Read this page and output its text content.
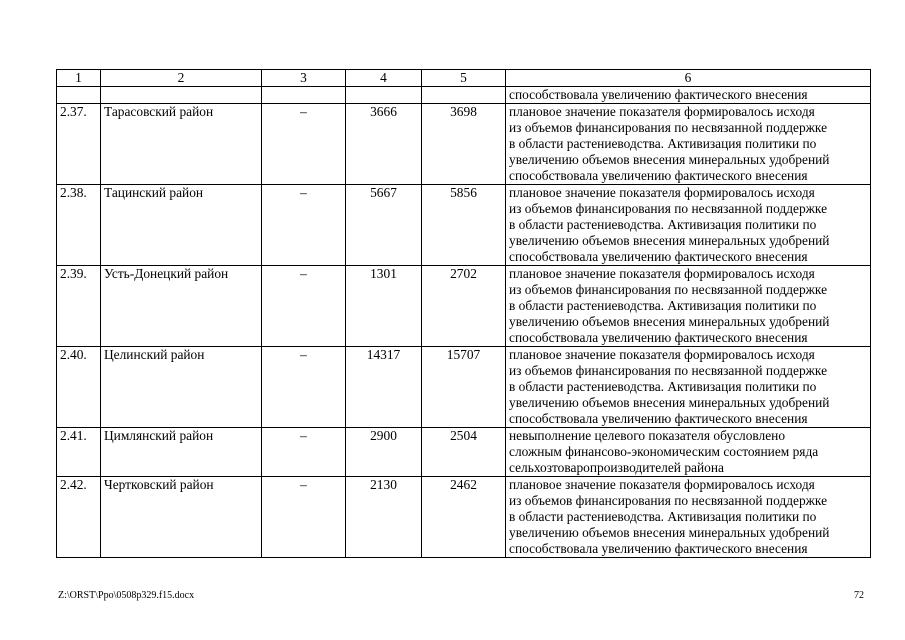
1	2	3	4	5	6
					способствовала увеличению фактического внесения
2.37.	Тарасовский район	–	3666	3698	плановое значение показателя формировалось исходя
из объемов финансирования по несвязанной поддержке
в области растениеводства. Активизация политики по
увеличению объемов внесения минеральных удобрений
способствовала увеличению фактического внесения
2.38.	Тацинский район	–	5667	5856	плановое значение показателя формировалось исходя
из объемов финансирования по несвязанной поддержке
в области растениеводства. Активизация политики по
увеличению объемов внесения минеральных удобрений
способствовала увеличению фактического внесения
2.39.	Усть-Донецкий район	–	1301	2702	плановое значение показателя формировалось исходя
из объемов финансирования по несвязанной поддержке
в области растениеводства. Активизация политики по
увеличению объемов внесения минеральных удобрений
способствовала увеличению фактического внесения
2.40.	Целинский район	–	14317	15707	плановое значение показателя формировалось исходя
из объемов финансирования по несвязанной поддержке
в области растениеводства. Активизация политики по
увеличению объемов внесения минеральных удобрений
способствовала увеличению фактического внесения
2.41.	Цимлянский район	–	2900	2504	невыполнение целевого показателя обусловлено
сложным финансово-экономическим состоянием ряда
сельхозтоваропроизводителей района
2.42.	Чертковский район	–	2130	2462	плановое значение показателя формировалось исходя
из объемов финансирования по несвязанной поддержке
в области растениеводства. Активизация политики по
увеличению объемов внесения минеральных удобрений
способствовала увеличению фактического внесения
Z:\ORST\Ppo\0508p329.f15.docx	72
